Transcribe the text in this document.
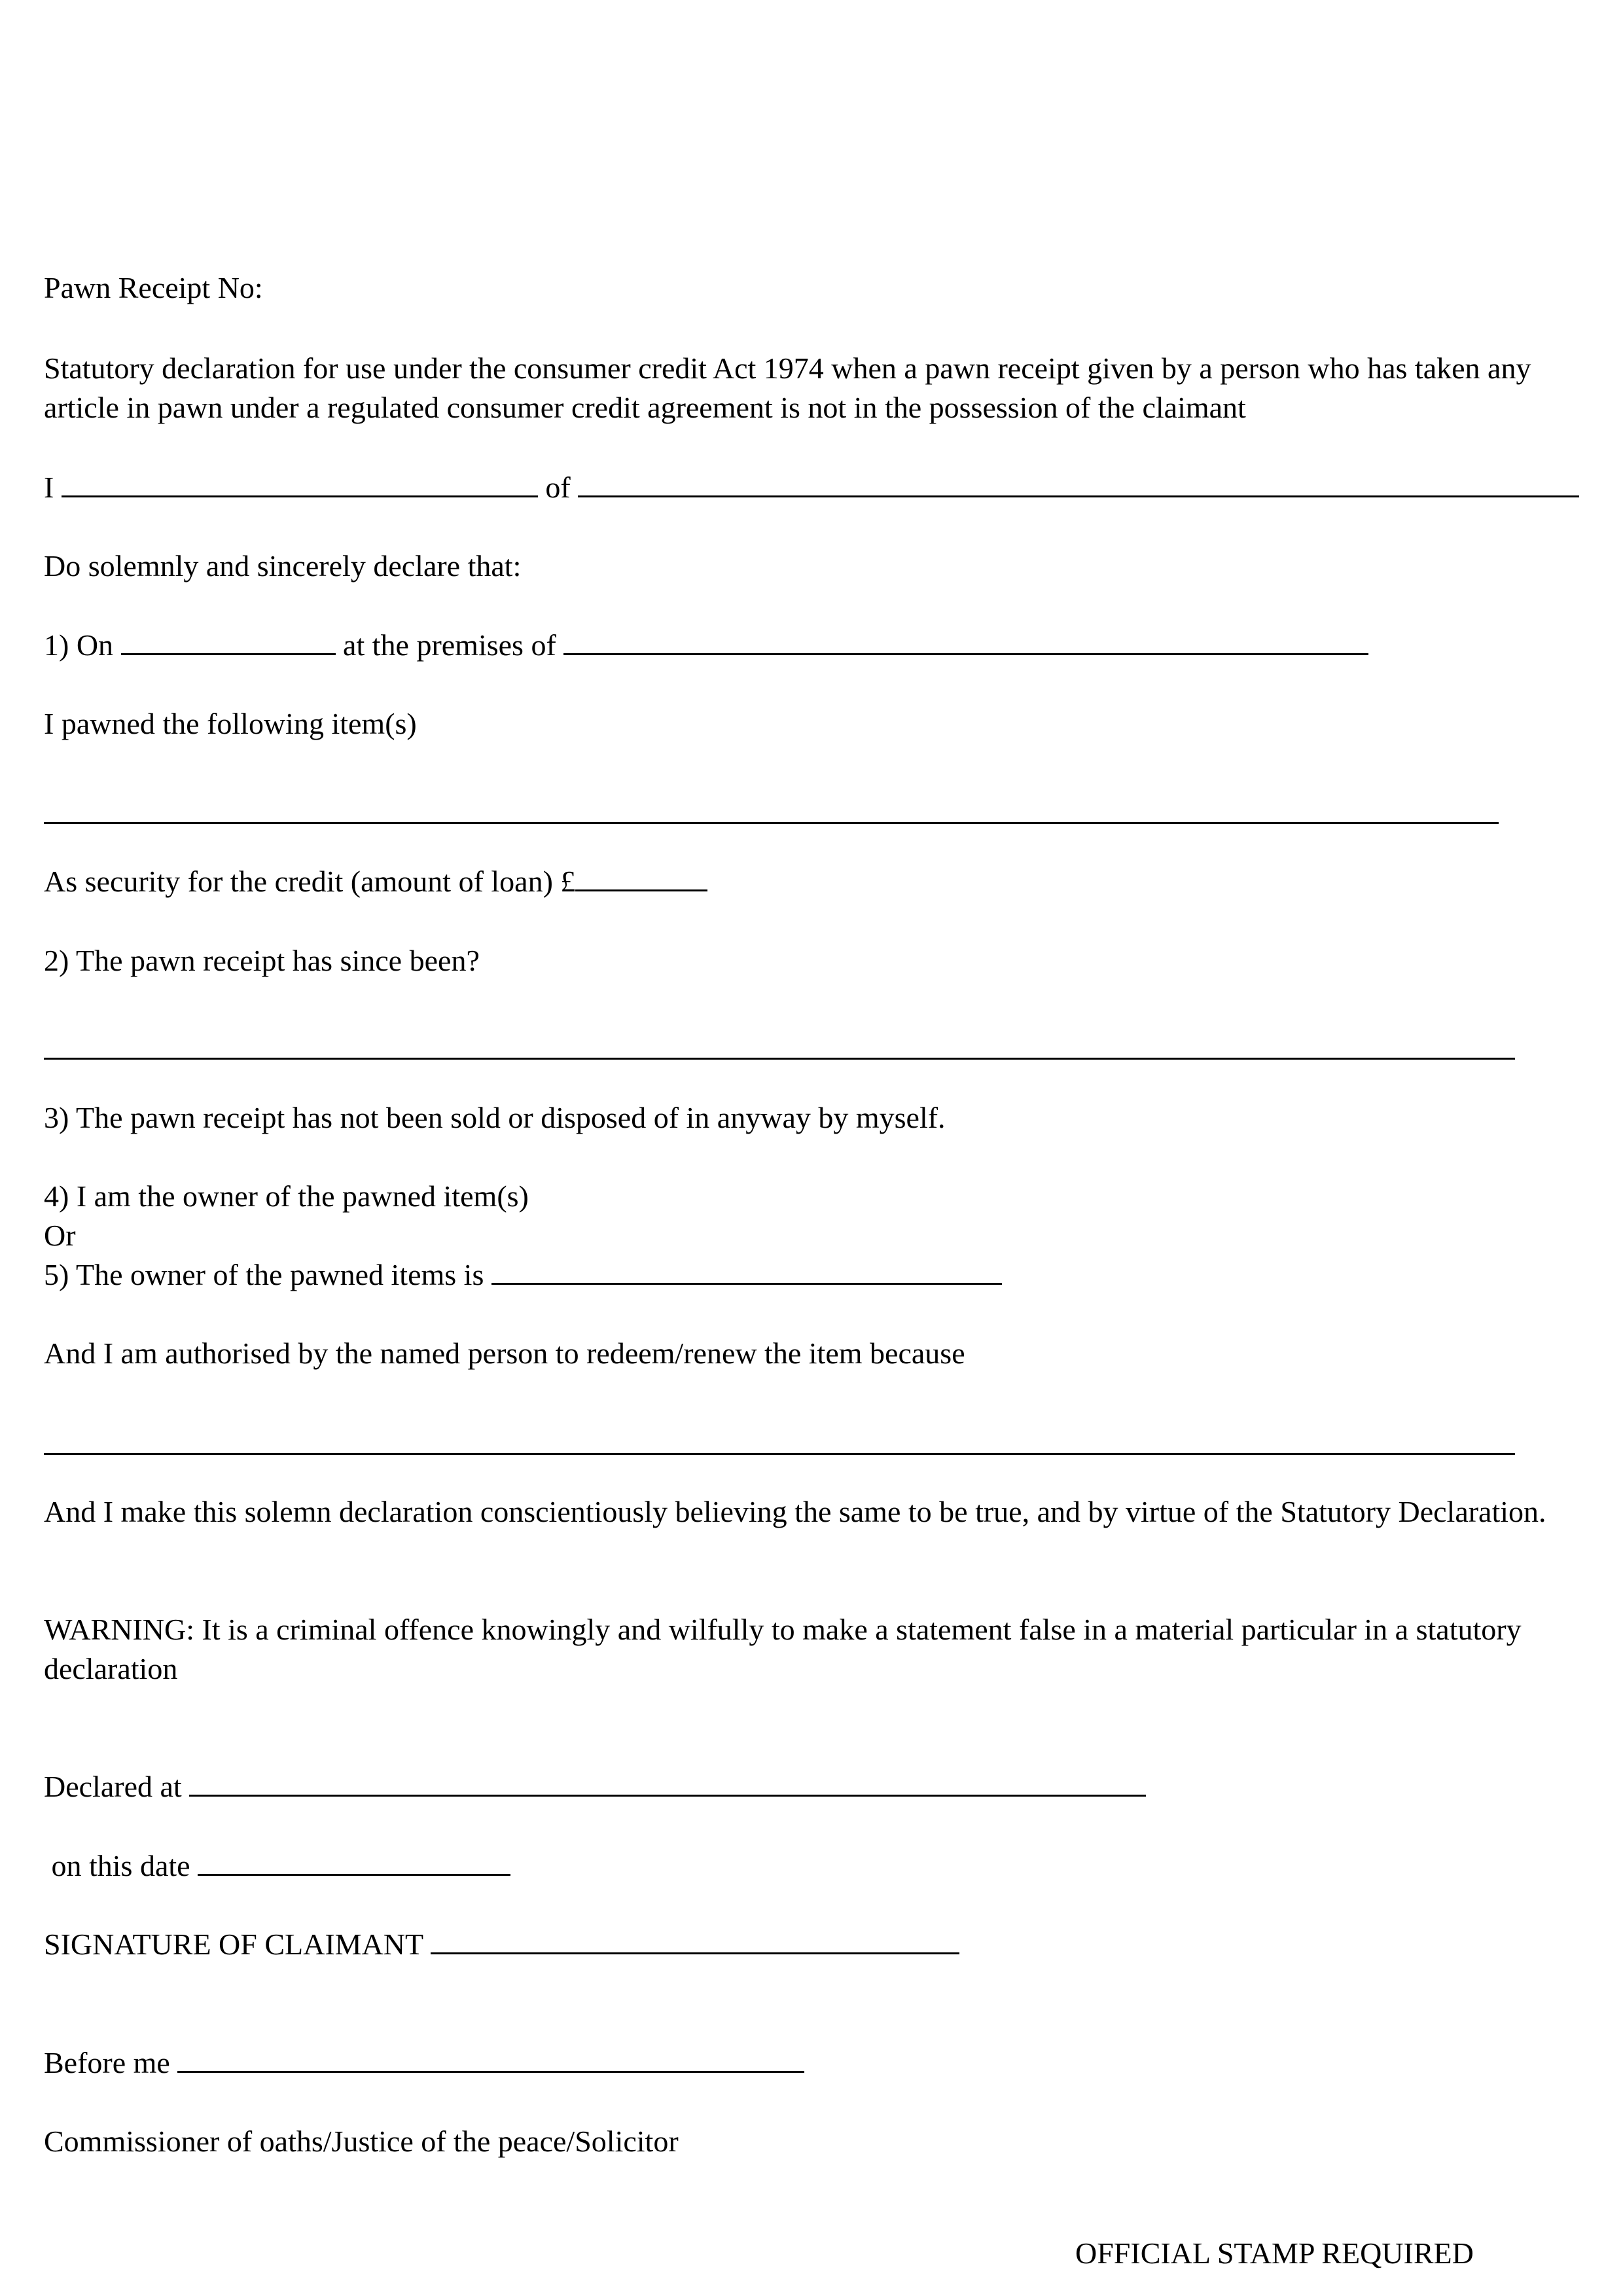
Pawn Receipt No:
Statutory declaration for use under the consumer credit Act 1974 when a pawn receipt given by a person who has taken any article in pawn under a regulated consumer credit agreement is not in the possession of the claimant
I	of
Do solemnly and sincerely declare that:
1) On	at the premises of
I pawned the following item(s)
As security for the credit (amount of loan) £
2) The pawn receipt has since been?
3) The pawn receipt has not been sold or disposed of in anyway by myself.
4) I am the owner of the pawned item(s)
Or
5) The owner of the pawned items is
And I am authorised by the named person to redeem/renew the item because
And I make this solemn declaration conscientiously believing the same to be true, and by virtue of the Statutory Declaration.
WARNING: It is a criminal offence knowingly and wilfully to make a statement false in a material particular in a statutory declaration
Declared at
on this date
SIGNATURE OF CLAIMANT
Before me
Commissioner of oaths/Justice of the peace/Solicitor
OFFICIAL STAMP REQUIRED
